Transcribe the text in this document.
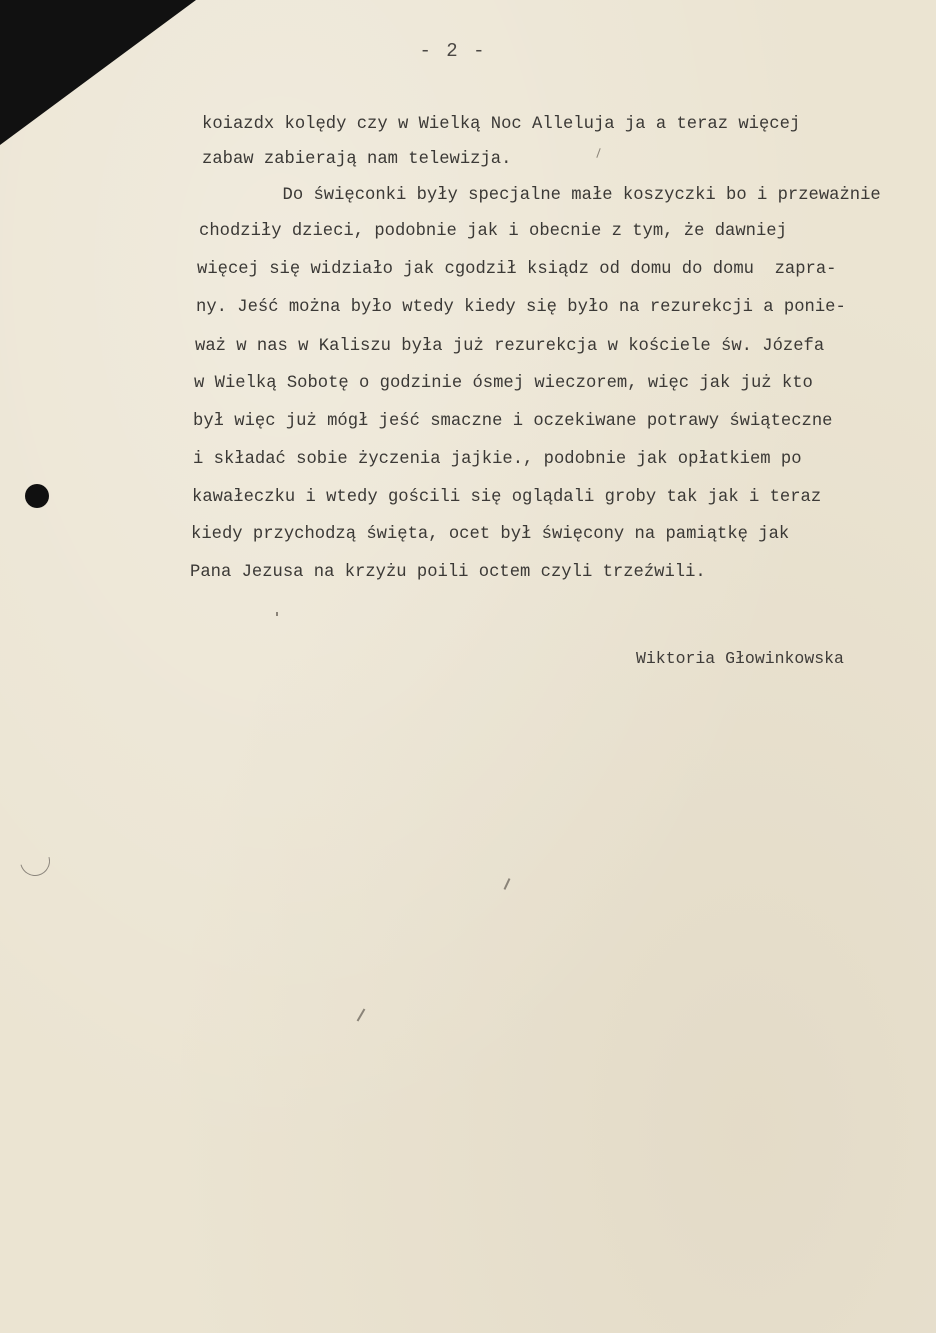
- 2 -
koiazdx kolędy czy w Wielką Noc Alleluja ja a teraz więcej
zabaw zabierają nam telewizja.
Do święconki były specjalne małe koszyczki bo i przeważnie
chodziły dzieci, podobnie jak i obecnie z tym, że dawniej
więcej się widziało jak cgodził ksiądz od domu do domu  zapra-
ny. Jeść można było wtedy kiedy się było na rezurekcji a ponie-
waż w nas w Kaliszu była już rezurekcja w kościele św. Józefa
w Wielką Sobotę o godzinie ósmej wieczorem, więc jak już kto
był więc już mógł jeść smaczne i oczekiwane potrawy świąteczne
i składać sobie życzenia jajkie., podobnie jak opłatkiem po
kawałeczku i wtedy gościli się oglądali groby tak jak i teraz
kiedy przychodzą święta, ocet był święcony na pamiątkę jak
Pana Jezusa na krzyżu poili octem czyli trzeźwili.
Wiktoria Głowinkowska
